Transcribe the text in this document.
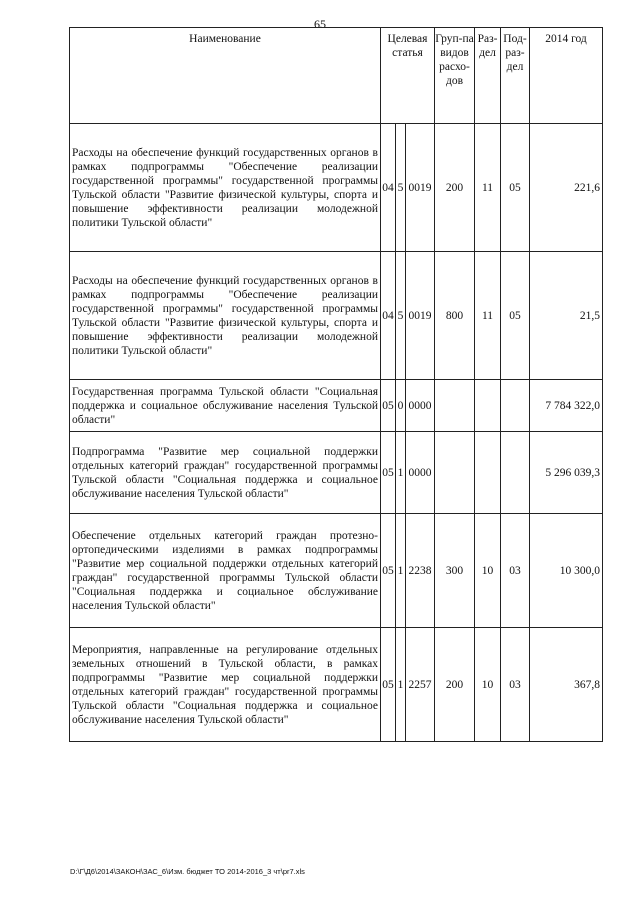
65
Наименование	Целевая статья			Груп-па видов расхо-дов	Раз-дел	Под-раз-дел	2014 год
Расходы на обеспечение функций государственных органов в рамках подпрограммы "Обеспечение реализации государственной программы" государственной программы Тульской области "Развитие физической культуры, спорта и повышение эффективности реализации молодежной политики Тульской области"	04	5	0019	200	11	05	221,6
Расходы на обеспечение функций государственных органов в рамках подпрограммы "Обеспечение реализации государственной программы" государственной программы Тульской области "Развитие физической культуры, спорта и повышение эффективности реализации молодежной политики Тульской области"	04	5	0019	800	11	05	21,5
Государственная программа Тульской области "Социальная поддержка и социальное обслуживание населения Тульской области"	05	0	0000				7 784 322,0
Подпрограмма "Развитие мер социальной поддержки отдельных категорий граждан" государственной программы Тульской области "Социальная поддержка и социальное обслуживание населения Тульской области"	05	1	0000				5 296 039,3
Обеспечение отдельных категорий граждан протезно-ортопедическими изделиями в рамках подпрограммы "Развитие мер социальной поддержки отдельных категорий граждан" государственной программы Тульской области "Социальная поддержка и социальное обслуживание населения Тульской области"	05	1	2238	300	10	03	10 300,0
Мероприятия, направленные на регулирование отдельных земельных отношений в Тульской области, в рамках подпрограммы "Развитие мер социальной поддержки отдельных категорий граждан" государственной программы Тульской области "Социальная поддержка и социальное обслуживание населения Тульской области"	05	1	2257	200	10	03	367,8
D:\Г\Д6\2014\ЗАКОН\ЗАС_6\Изм. бюджет ТО 2014-2016_3 чт\pr7.xls
